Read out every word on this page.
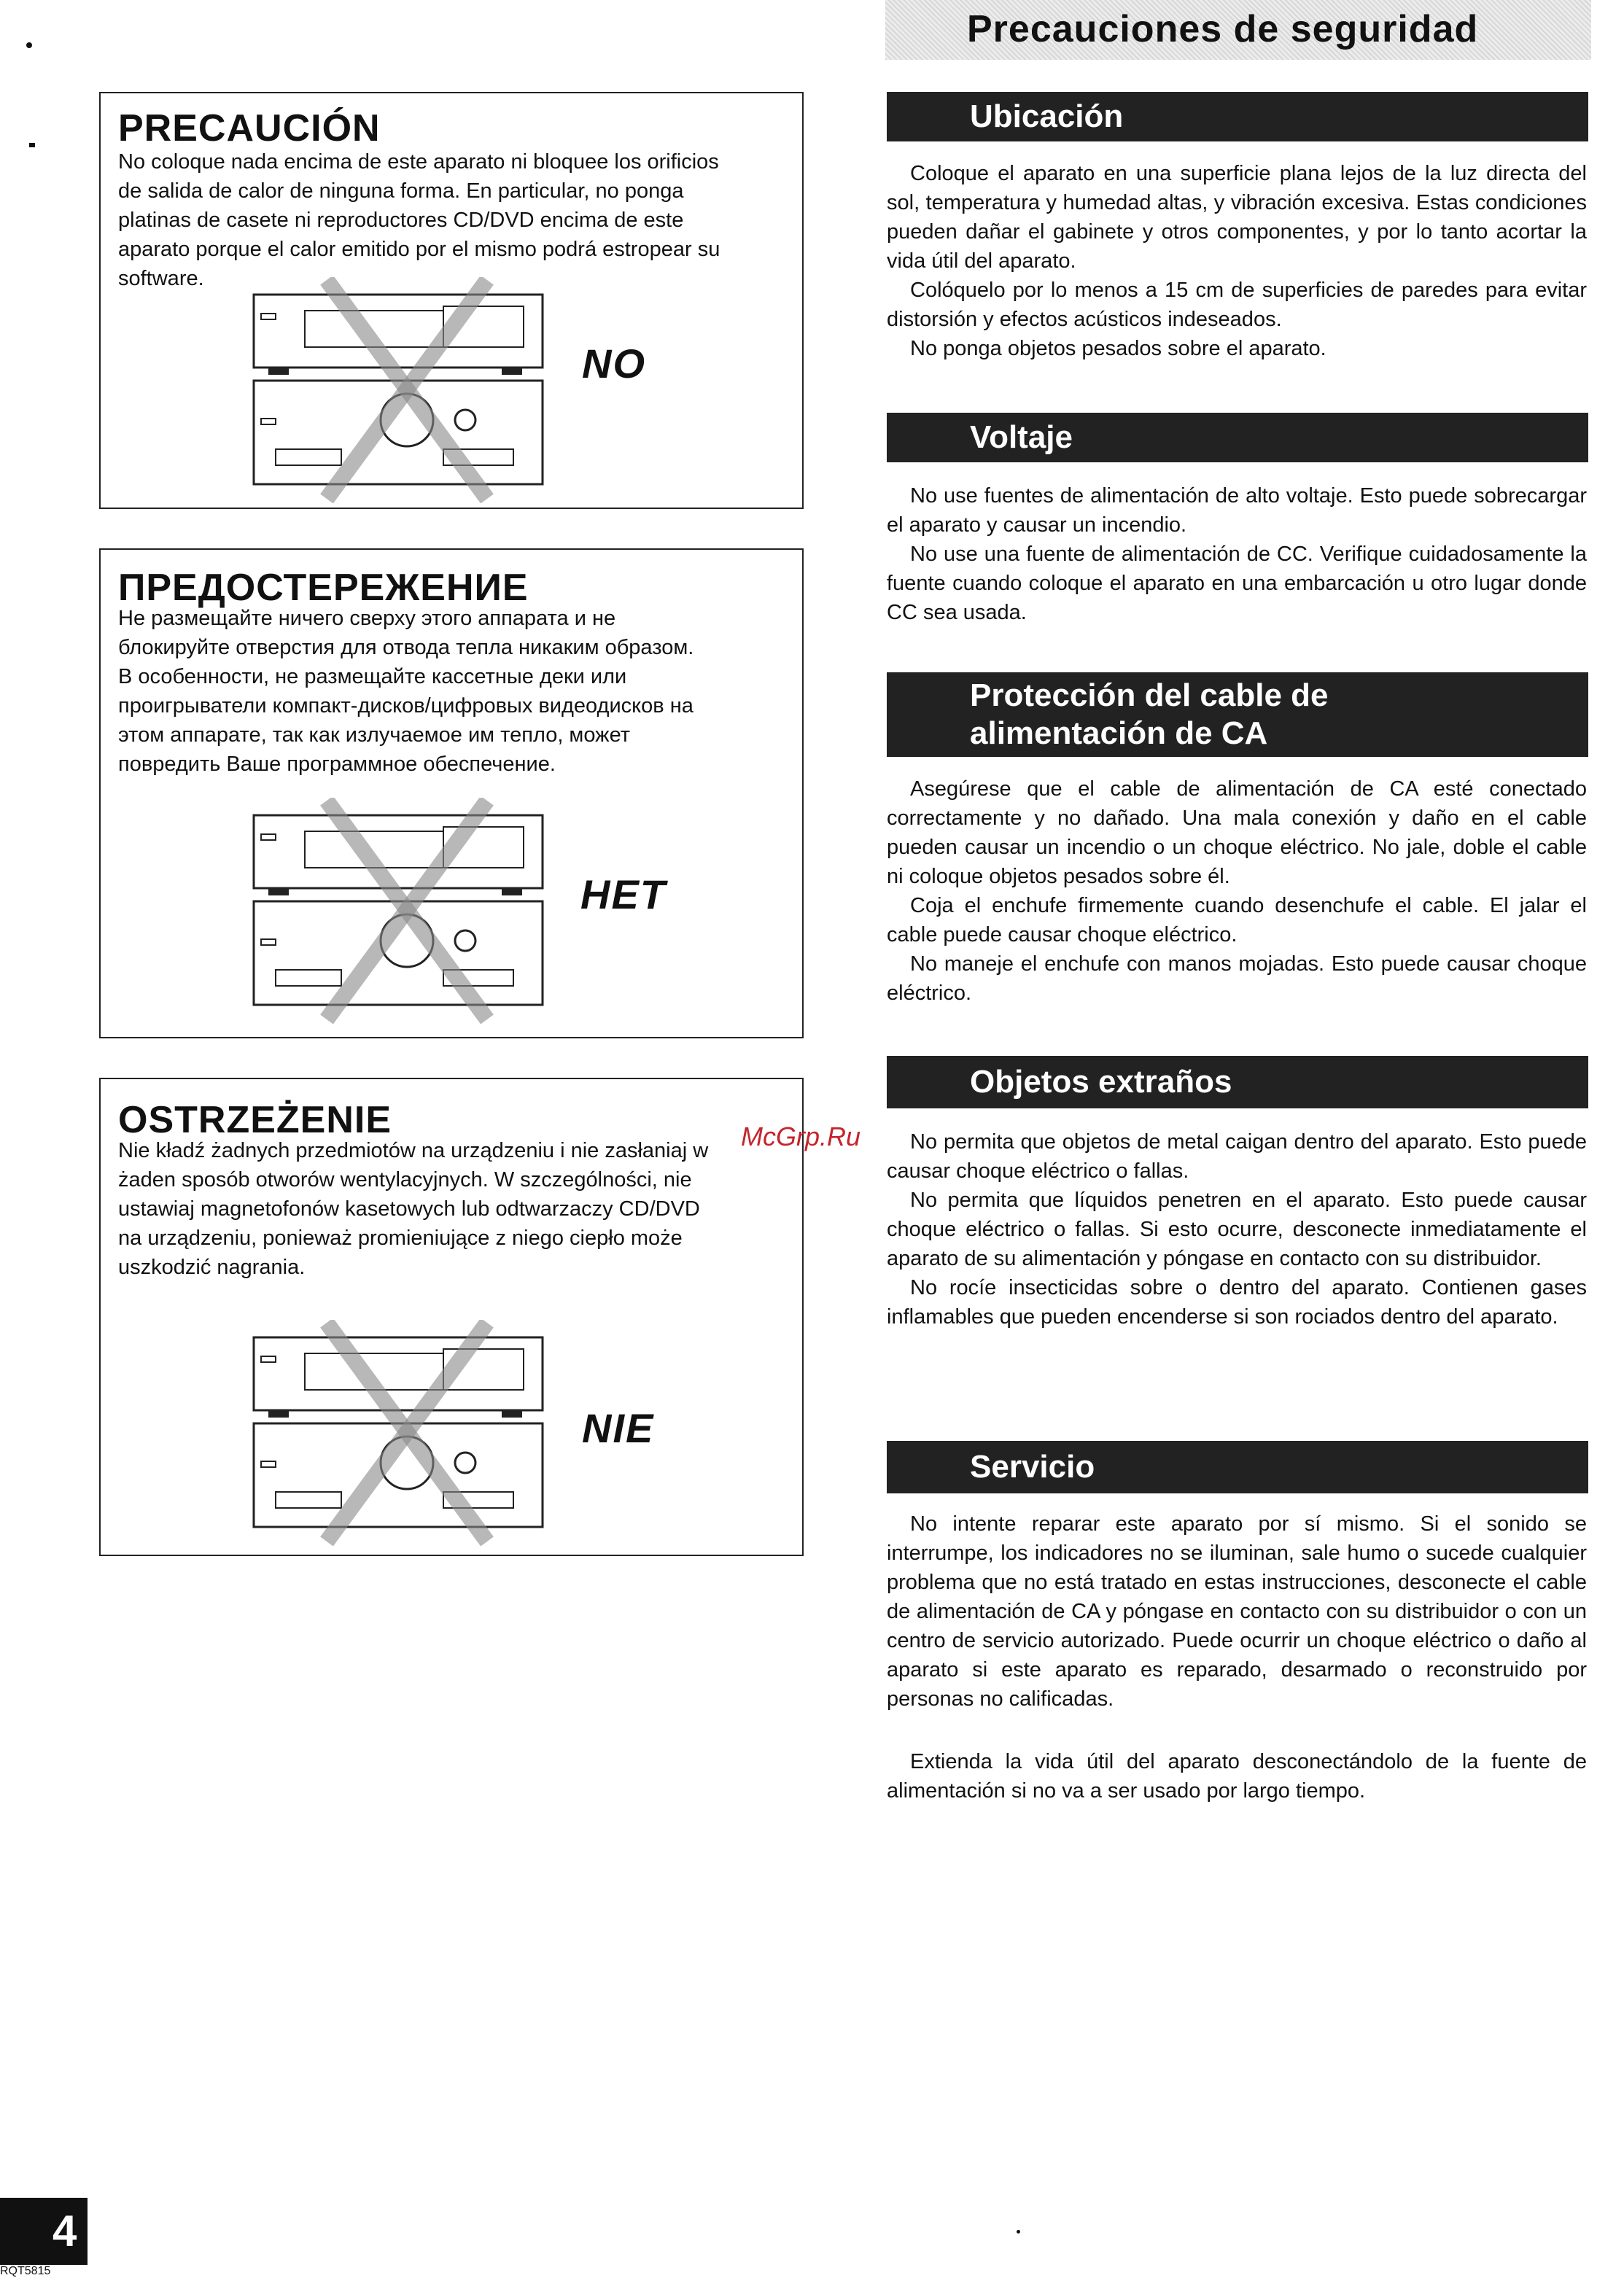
PRECAUCIÓN
No coloque nada encima de este aparato ni bloquee los orificios
de salida de calor de ninguna forma. En particular, no ponga
platinas de casete ni reproductores CD/DVD encima de este
aparato porque el calor emitido por el mismo podrá estropear su
software.
NO
ПРЕДОСТЕРЕЖЕНИЕ
Не размещайте ничего сверху этого аппарата и не
блокируйте отверстия для отвода тепла никаким образом.
В особенности, не размещайте кассетные деки или
проигрыватели компакт-дисков/цифровых видеодисков на
этом аппарате, так как излучаемое им тепло, может
повредить Ваше программное обеспечение.
HET
OSTRZEŻENIE
Nie kładź żadnych przedmiotów na urządzeniu i nie zasłaniaj w
żaden sposób otworów wentylacyjnych. W szczególności, nie
ustawiaj magnetofonów kasetowych lub odtwarzaczy CD/DVD
na urządzeniu, ponieważ promieniujące z niego ciepło może
uszkodzić nagrania.
NIE
McGrp.Ru
Precauciones de seguridad
Ubicación

Coloque el aparato en una superficie plana lejos de la luz directa del sol, temperatura y humedad altas, y vibración excesiva. Estas condiciones pueden dañar el gabinete y otros componentes, y por lo tanto acortar la vida útil del aparato.

Colóquelo por lo menos a 15 cm de superficies de paredes para evitar distorsión y efectos acústicos indeseados.

No ponga objetos pesados sobre el aparato.

Voltaje

No use fuentes de alimentación de alto voltaje. Esto puede sobrecargar el aparato y causar un incendio.

No use una fuente de alimentación de CC. Verifique cuidadosamente la fuente cuando coloque el aparato en una embarcación u otro lugar donde CC sea usada.

Protección del cable de
alimentación de CA

Asegúrese que el cable de alimentación de CA esté conectado correctamente y no dañado. Una mala conexión y daño en el cable pueden causar un incendio o un choque eléctrico. No jale, doble el cable ni coloque objetos pesados sobre él.

Coja el enchufe firmemente cuando desenchufe el cable. El jalar el cable puede causar choque eléctrico.

No maneje el enchufe con manos mojadas. Esto puede causar choque eléctrico.

Objetos extraños

No permita que objetos de metal caigan dentro del aparato. Esto puede causar choque eléctrico o fallas.

No permita que líquidos penetren en el aparato. Esto puede causar choque eléctrico o fallas. Si esto ocurre, desconecte inmediatamente el aparato de su alimentación y póngase en contacto con su distribuidor.

No rocíe insecticidas sobre o dentro del aparato. Contienen gases inflamables que pueden encenderse si son rociados dentro del aparato.

Servicio

No intente reparar este aparato por sí mismo. Si el sonido se interrumpe, los indicadores no se iluminan, sale humo o sucede cualquier problema que no está tratado en estas instrucciones, desconecte el cable de alimentación de CA y póngase en contacto con su distribuidor o con un centro de servicio autorizado. Puede ocurrir un choque eléctrico o daño al aparato si este aparato es reparado, desarmado o reconstruido por personas no calificadas.

Extienda la vida útil del aparato desconectándolo de la fuente de alimentación si no va a ser usado por largo tiempo.

4
RQT5815
